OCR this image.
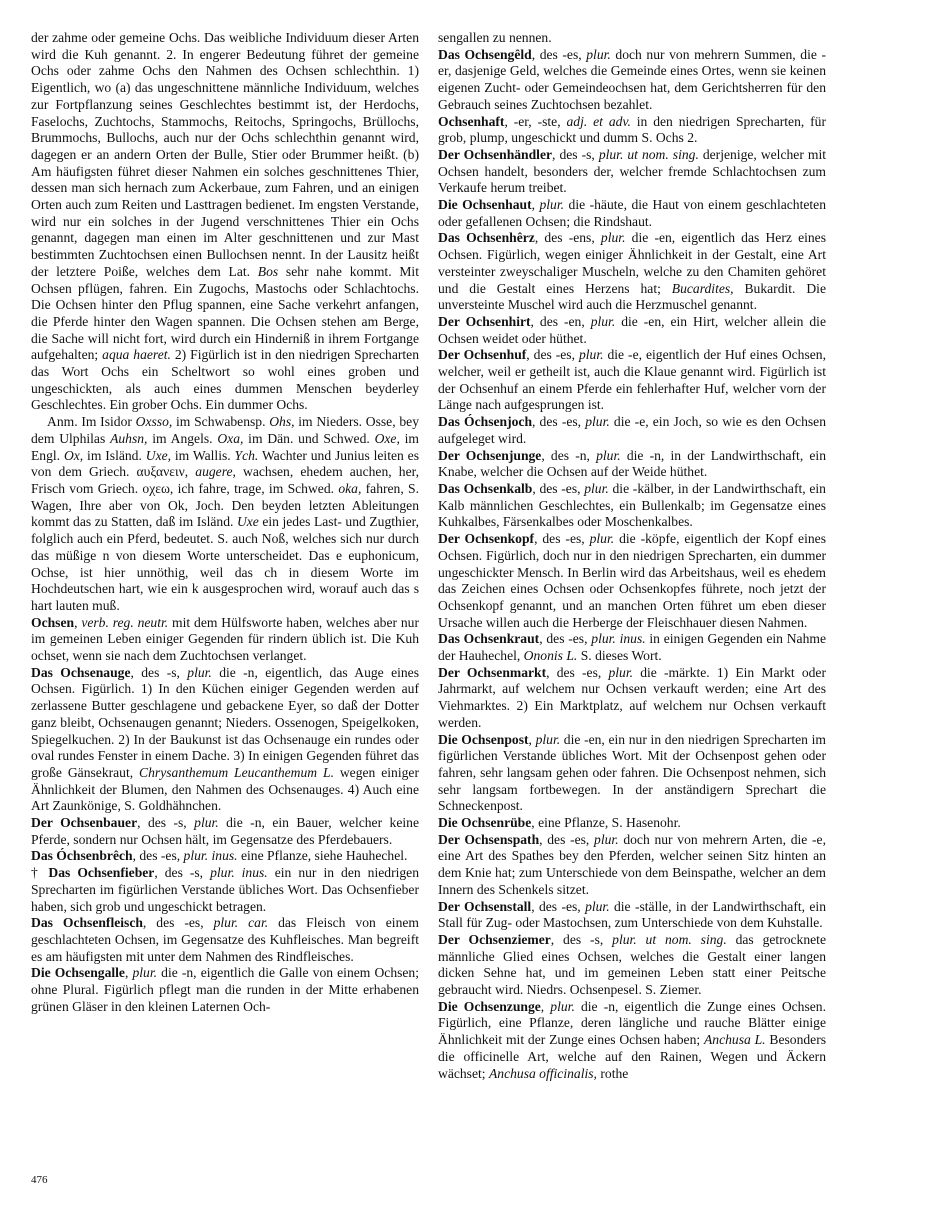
der zahme oder gemeine Ochs. Das weibliche Individuum dieser Arten wird die Kuh genannt. 2. In engerer Bedeutung führet der gemeine Ochs oder zahme Ochs den Nahmen des Ochsen schlechthin. 1) Eigentlich, wo (a) das ungeschnittene männliche Individuum, welches zur Fortpflanzung seines Geschlechtes bestimmt ist, der Herdochs, Faselochs, Zuchtochs, Stammochs, Reitochs, Springochs, Brüllochs, Brummochs, Bullochs, auch nur der Ochs schlechthin genannt wird, dagegen er an andern Orten der Bulle, Stier oder Brummer heißt. (b) Am häufigsten führet dieser Nahmen ein solches geschnittenes Thier, dessen man sich hernach zum Ackerbaue, zum Fahren, und an einigen Orten auch zum Reiten und Lasttragen bedienet. Im engsten Verstande, wird nur ein solches in der Jugend verschnittenes Thier ein Ochs genannt, dagegen man einen im Alter geschnittenen und zur Mast bestimmten Zuchtochsen einen Bullochsen nennt. In der Lausitz heißt der letztere Poiße, welches dem Lat. Bos sehr nahe kommt. Mit Ochsen pflügen, fahren. Ein Zugochs, Mastochs oder Schlachtochs. Die Ochsen hinter den Pflug spannen, eine Sache verkehrt anfangen, die Pferde hinter den Wagen spannen. Die Ochsen stehen am Berge, die Sache will nicht fort, wird durch ein Hinderniß in ihrem Fortgange aufgehalten; aqua haeret. 2) Figürlich ist in den niedrigen Sprecharten das Wort Ochs ein Scheltwort so wohl eines groben und ungeschickten, als auch eines dummen Menschen beyderley Geschlechtes. Ein grober Ochs. Ein dummer Ochs.

Anm. Im Isidor Oxsso, im Schwabensp. Ohs, im Nieders. Osse, bey dem Ulphilas Auhsn, im Angels. Oxa, im Dän. und Schwed. Oxe, im Engl. Ox, im Isländ. Uxe, im Wallis. Ych. Wachter und Junius leiten es von dem Griech. αυξανειν, augere, wachsen, ehedem auchen, her, Frisch vom Griech. οχεω, ich fahre, trage, im Schwed. oka, fahren, S. Wagen, Ihre aber von Ok, Joch. Den beyden letzten Ableitungen kommt das zu Statten, daß im Isländ. Uxe ein jedes Last- und Zugthier, folglich auch ein Pferd, bedeutet. S. auch Noß, welches sich nur durch das müßige n von diesem Worte unterscheidet. Das e euphonicum, Ochse, ist hier unnöthig, weil das ch in diesem Worte im Hochdeutschen hart, wie ein k ausgesprochen wird, worauf auch das s hart lauten muß.

Ochsen, verb. reg. neutr. mit dem Hülfsworte haben, welches aber nur im gemeinen Leben einiger Gegenden für rindern üblich ist. Die Kuh ochset, wenn sie nach dem Zuchtochsen verlanget.

Das Ochsenauge, des -s, plur. die -n, eigentlich, das Auge eines Ochsen. Figürlich. 1) In den Küchen einiger Gegenden werden auf zerlassene Butter geschlagene und gebackene Eyer, so daß der Dotter ganz bleibt, Ochsenaugen genannt; Nieders. Ossenogen, Speigelkoken, Spiegelkuchen. 2) In der Baukunst ist das Ochsenauge ein rundes oder oval rundes Fenster in einem Dache. 3) In einigen Gegenden führet das große Gänsekraut, Chrysanthemum Leucanthemum L. wegen einiger Ähnlichkeit der Blumen, den Nahmen des Ochsenauges. 4) Auch eine Art Zaunkönige, S. Goldhähnchen.

Der Ochsenbauer, des -s, plur. die -n, ein Bauer, welcher keine Pferde, sondern nur Ochsen hält, im Gegensatze des Pferdebauers.

Das Óchsenbrêch, des -es, plur. inus. eine Pflanze, siehe Hauhechel.

† Das Ochsenfieber, des -s, plur. inus. ein nur in den niedrigen Sprecharten im figürlichen Verstande übliches Wort. Das Ochsenfieber haben, sich grob und ungeschickt betragen.

Das Ochsenfleisch, des -es, plur. car. das Fleisch von einem geschlachteten Ochsen, im Gegensatze des Kuhfleisches. Man begreift es am häufigsten mit unter dem Nahmen des Rindfleisches.

Die Ochsengalle, plur. die -n, eigentlich die Galle von einem Ochsen; ohne Plural. Figürlich pflegt man die runden in der Mitte erhabenen grünen Gläser in den kleinen Laternen Och-

sengallen zu nennen.

Das Ochsengêld, des -es, plur. doch nur von mehrern Summen, die -er, dasjenige Geld, welches die Gemeinde eines Ortes, wenn sie keinen eigenen Zucht- oder Gemeindeochsen hat, dem Gerichtsherren für den Gebrauch seines Zuchtochsen bezahlet.

Ochsenhaft, -er, -ste, adj. et adv. in den niedrigen Sprecharten, für grob, plump, ungeschickt und dumm S. Ochs 2.

Der Ochsenhändler, des -s, plur. ut nom. sing. derjenige, welcher mit Ochsen handelt, besonders der, welcher fremde Schlachtochsen zum Verkaufe herum treibet.

Die Ochsenhaut, plur. die -häute, die Haut von einem geschlachteten oder gefallenen Ochsen; die Rindshaut.

Das Ochsenhêrz, des -ens, plur. die -en, eigentlich das Herz eines Ochsen. Figürlich, wegen einiger Ähnlichkeit in der Gestalt, eine Art versteinter zweyschaliger Muscheln, welche zu den Chamiten gehöret und die Gestalt eines Herzens hat; Bucardites, Bukardit. Die unversteinte Muschel wird auch die Herzmuschel genannt.

Der Ochsenhirt, des -en, plur. die -en, ein Hirt, welcher allein die Ochsen weidet oder hüthet.

Der Ochsenhuf, des -es, plur. die -e, eigentlich der Huf eines Ochsen, welcher, weil er getheilt ist, auch die Klaue genannt wird. Figürlich ist der Ochsenhuf an einem Pferde ein fehlerhafter Huf, welcher vorn der Länge nach aufgesprungen ist.

Das Óchsenjoch, des -es, plur. die -e, ein Joch, so wie es den Ochsen aufgeleget wird.

Der Ochsenjunge, des -n, plur. die -n, in der Landwirthschaft, ein Knabe, welcher die Ochsen auf der Weide hüthet.

Das Ochsenkalb, des -es, plur. die -kälber, in der Landwirthschaft, ein Kalb männlichen Geschlechtes, ein Bullenkalb; im Gegensatze eines Kuhkalbes, Färsenkalbes oder Moschenkalbes.

Der Ochsenkopf, des -es, plur. die -köpfe, eigentlich der Kopf eines Ochsen. Figürlich, doch nur in den niedrigen Sprecharten, ein dummer ungeschickter Mensch. In Berlin wird das Arbeitshaus, weil es ehedem das Zeichen eines Ochsen oder Ochsenkopfes führete, noch jetzt der Ochsenkopf genannt, und an manchen Orten führet um eben dieser Ursache willen auch die Herberge der Fleischhauer diesen Nahmen.

Das Ochsenkraut, des -es, plur. inus. in einigen Gegenden ein Nahme der Hauhechel, Ononis L. S. dieses Wort.

Der Ochsenmarkt, des -es, plur. die -märkte. 1) Ein Markt oder Jahrmarkt, auf welchem nur Ochsen verkauft werden; eine Art des Viehmarktes. 2) Ein Marktplatz, auf welchem nur Ochsen verkauft werden.

Die Ochsenpost, plur. die -en, ein nur in den niedrigen Sprecharten im figürlichen Verstande übliches Wort. Mit der Ochsenpost gehen oder fahren, sehr langsam gehen oder fahren. Die Ochsenpost nehmen, sich sehr langsam fortbewegen. In der anständigern Sprechart die Schneckenpost.

Die Ochsenrübe, eine Pflanze, S. Hasenohr.

Der Ochsenspath, des -es, plur. doch nur von mehrern Arten, die -e, eine Art des Spathes bey den Pferden, welcher seinen Sitz hinten an dem Knie hat; zum Unterschiede von dem Beinspathe, welcher an dem Innern des Schenkels sitzet.

Der Ochsenstall, des -es, plur. die -ställe, in der Landwirthschaft, ein Stall für Zug- oder Mastochsen, zum Unterschiede von dem Kuhstalle.

Der Ochsenziemer, des -s, plur. ut nom. sing. das getrocknete männliche Glied eines Ochsen, welches die Gestalt einer langen dicken Sehne hat, und im gemeinen Leben statt einer Peitsche gebraucht wird. Niedrs. Ochsenpesel. S. Ziemer.

Die Ochsenzunge, plur. die -n, eigentlich die Zunge eines Ochsen. Figürlich, eine Pflanze, deren längliche und rauche Blätter einige Ähnlichkeit mit der Zunge eines Ochsen haben; Anchusa L. Besonders die officinelle Art, welche auf den Rainen, Wegen und Äckern wächset; Anchusa officinalis, rothe

476
